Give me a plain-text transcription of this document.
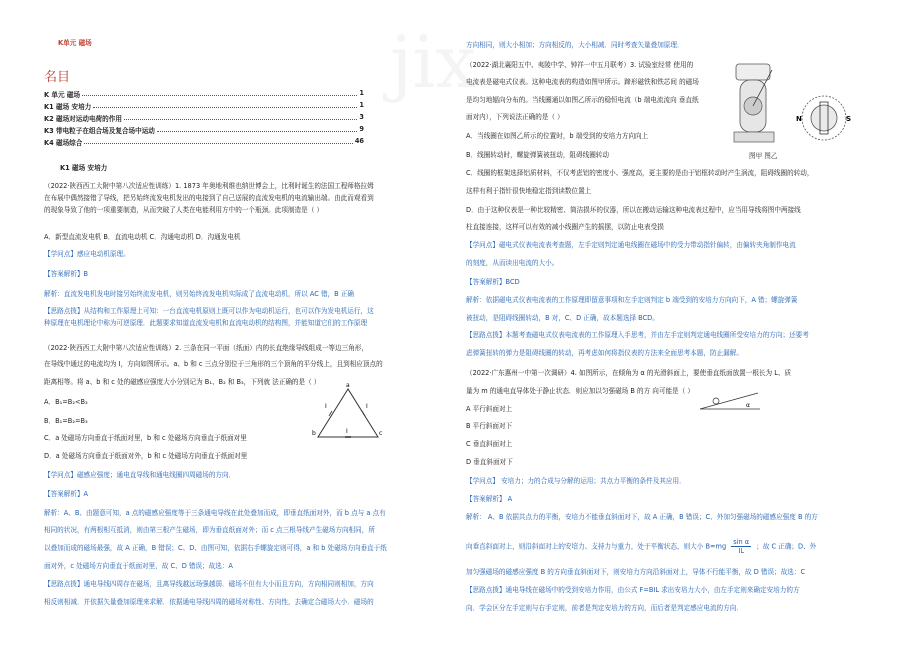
K单元 磁场
名目
K 单元 磁场	1
K1 磁场 安培力	1
K2 磁场对运动电荷的作用	3
K3 带电粒子在组合场及复合场中运动	9
K4 磁场综合	46
K1 磁场 安培力
（2022·陕西西工大附中第八次适应性训练）1. 1873 年奥地利维也纳世博会上，比利时诞生的法国工程师格拉姆
在布展中偶然接错了导线，把另始终流发电机发出的电接到了自己送展的直流发电机的电流输出端。由此而观看到
的现象导致了他的一项重要制造，从而突破了人类在电能利用方中的一个瓶颈。此项制造是（ ）
A．新型直流发电机 B．直流电动机 C．沟通电动机 D．沟通发电机
【学问点】感应电动机原理。
【答案解析】B
解析：直流发电机发电时接另始终流发电机，则另始终流发电机实际成了直流电动机，所以 AC 错，B 正确
【思路点拨】从结构和工作原理上可知：一台直流电机原则上既可以作为电动机运行，也可以作为发电机运行，这
种原理在电机理论中称为可逆原理．此题要求知道直流发电机和直流电动机的结构图，并能知道它们的工作原理
（2022·陕西西工大附中第八次适应性训练）2. 三条在同一平面（纸面）内的长直绝缘导线组成一等边三角形，
在导线中通过的电流均为 I，方向如图所示。a、b 和 c 三点分别位于三角形的三个顶角的平分线上，且到相应顶点的
距离相等。将 a、b 和 c 处的磁感应强度大小分别记为 B₁、B₂ 和 B₃，下列就 法正确的是（ ）
A．B₁=B₂<B₃
B．B₁=B₂=B₃
C．a 处磁场方向垂直于纸面对里，b 和 c 处磁场方向垂直于纸面对里
D．a 处磁场方向垂直于纸面对外，b 和 c 处磁场方向垂直于纸面对里
【学问点】磁感应强度；通电直导线和通电线圈四周磁场的方向．
【答案解析】A
解析：A、B、由题意可知，a 点的磁感应强度等于三条通电导线在此处叠加而成，即垂直纸面对外，而 b 点与 a 点有
相同的状况，有两根相互抵消，则由第三根产生磁场，即为垂直纸面对外；而 c 点三根导线产生磁场方向相同，所
以叠加而成的磁场最强，故 A 正确，B 错误；C、D、由图可知，依据右手螺旋定则可得，a 和 b 处磁场方向垂直于纸
面对外，c 处磁场方向垂直于纸面对里，故 C、D 错误；故选：A
【思路点拨】通电导线四周存在磁场，且离导线越远场强越弱．磁场不但有大小而且方向，方向相同则相加，方向
相反则相减．并依据矢量叠加原理来求解．依据通电导线四周的磁场对称性、方向性，去确定合磁场大小．磁场的
a
b	c
I	I
I
方向相同，则大小相加；方向相反的，大小相减．同时考查矢量叠加原理．
（2022·湖北襄阳五中、夷陵中学、钟祥一中五月联考）3. 试验室经常 使用的
电流表是磁电式仪表。这种电流表的构造如图甲所示。蹄形磁铁和铁芯间 的磁场
是均匀地辐向分布的。当线圈通以如图乙所示的稳恒电流（b 端电流流向 垂直纸
面对内），下列说法正确的是（ ）
A．当线圈在如图乙所示的位置时，b 端受到的安培力方向向上
B．线圈转动时，螺旋弹簧被扭动，阻碍线圈转动	图甲 图乙
C．线圈的框架选择铝质材料，不仅考虑铝的密度小、强度高，更主要的是由于铝框转动时产生涡流，阻碍线圈的转动，
这样有利于指针很快地稳定指到读数位置上
D．由于这种仪表是一种比较精密、简洁损坏的仪器，所以在搬动运输这种电流表过程中，应当用导线将图中两接线
柱直接连接，这样可以有效的减小线圈产生的摇摆，以防止电表受损
【学问点】磁电式仪表电流表考查题，左手定则判定通电线圈在磁场中的受力带动指针偏转，由偏转夹角制作电流
的刻度，从而读出电流的大小。
【答案解析】BCD
解析：依据磁电式仪表电流表的工作原理即留意事项和左手定则判定 b 端受到的安培力方向向下，A 错；螺旋弹簧
被扭动，是阻碍线圈转动，B 对，C、D 正确，故本题选择 BCD。
【思路点拨】本题考查磁电式仪表电流表的工作原理入手思考，并由左手定则判定通电线圈所受安培力的方向；还要考
虑弹簧扭转的弹力是阻碍线圈的转动，再考虑如何将指仪表的方法来全面思考本题，防止漏解。
（2022·广东惠州一中第一次调研）4. 如图所示，在倾角为 α 的光滑斜面上，要使垂直纸面放置一根长为 L、质
量为 m 的通电直导体处于静止状态．则应加以匀强磁场 B 的方 向可能是（ ）
A 平行斜面对上
B 平行斜面对下
C 垂直斜面对上
D 垂直斜面对下
【学问点】 安培力；力的合成与分解的运用；共点力平衡的条件及其应用．
【答案解析】 A
解析： A、B 依据共点力的平衡，安培力不能垂直斜面对下，故 A 正确，B 错误；C、外加匀强磁场的磁感应强度 B 的方
向垂直斜面对上，则沿斜面对上的安培力、支持力与重力，处于平衡状态，则大小 $B=mg \frac{\text{sin α}}{IL}$ ；故 C 正确；D、外
加匀强磁场的磁感应强度 B 的方向垂直斜面对下，则安培力方向沿斜面对上，导体不行能平衡，故 D 错误；故选：C
【思路点拨】通电导线在磁场中的受到安培力作用，由公式 F=BIL 求出安培力大小，由左手定则来确定安培力的方
向．学会区分左手定则与右手定则，前者是判定安培力的方向，而后者是判定感应电流的方向．
N	S
α
